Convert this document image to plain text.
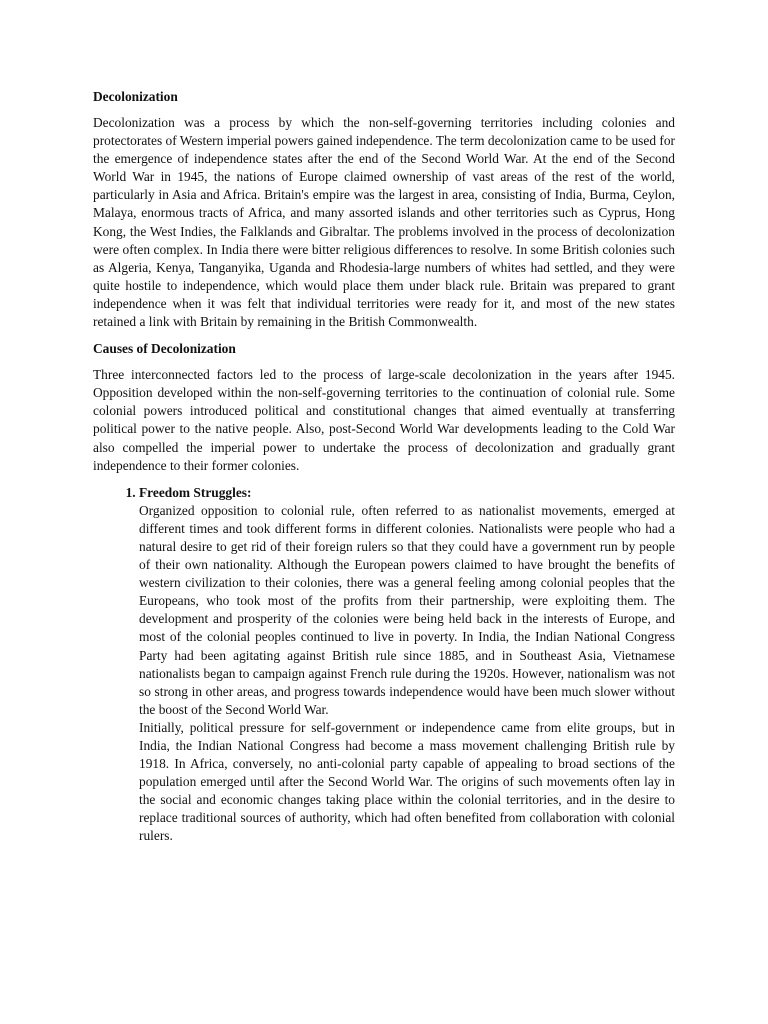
Decolonization

Decolonization was a process by which the non-self-governing territories including colonies and protectorates of Western imperial powers gained independence. The term decolonization came to be used for the emergence of independence states after the end of the Second World War. At the end of the Second World War in 1945, the nations of Europe claimed ownership of vast areas of the rest of the world, particularly in Asia and Africa. Britain's empire was the largest in area, consisting of India, Burma, Ceylon, Malaya, enormous tracts of Africa, and many assorted islands and other territories such as Cyprus, Hong Kong, the West Indies, the Falklands and Gibraltar. The problems involved in the process of decolonization were often complex. In India there were bitter religious differences to resolve. In some British colonies such as Algeria, Kenya, Tanganyika, Uganda and Rhodesia-large numbers of whites had settled, and they were quite hostile to independence, which would place them under black rule. Britain was prepared to grant independence when it was felt that individual territories were ready for it, and most of the new states retained a link with Britain by remaining in the British Commonwealth.

Causes of Decolonization

Three interconnected factors led to the process of large-scale decolonization in the years after 1945. Opposition developed within the non-self-governing territories to the continuation of colonial rule. Some colonial powers introduced political and constitutional changes that aimed eventually at transferring political power to the native people. Also, post-Second World War developments leading to the Cold War also compelled the imperial power to undertake the process of decolonization and gradually grant independence to their former colonies.

1. Freedom Struggles:

Organized opposition to colonial rule, often referred to as nationalist movements, emerged at different times and took different forms in different colonies. Nationalists were people who had a natural desire to get rid of their foreign rulers so that they could have a government run by people of their own nationality. Although the European powers claimed to have brought the benefits of western civilization to their colonies, there was a general feeling among colonial peoples that the Europeans, who took most of the profits from their partnership, were exploiting them. The development and prosperity of the colonies were being held back in the interests of Europe, and most of the colonial peoples continued to live in poverty. In India, the Indian National Congress Party had been agitating against British rule since 1885, and in Southeast Asia, Vietnamese nationalists began to campaign against French rule during the 1920s. However, nationalism was not so strong in other areas, and progress towards independence would have been much slower without the boost of the Second World War.

Initially, political pressure for self-government or independence came from elite groups, but in India, the Indian National Congress had become a mass movement challenging British rule by 1918. In Africa, conversely, no anti-colonial party capable of appealing to broad sections of the population emerged until after the Second World War. The origins of such movements often lay in the social and economic changes taking place within the colonial territories, and in the desire to replace traditional sources of authority, which had often benefited from collaboration with colonial rulers.
